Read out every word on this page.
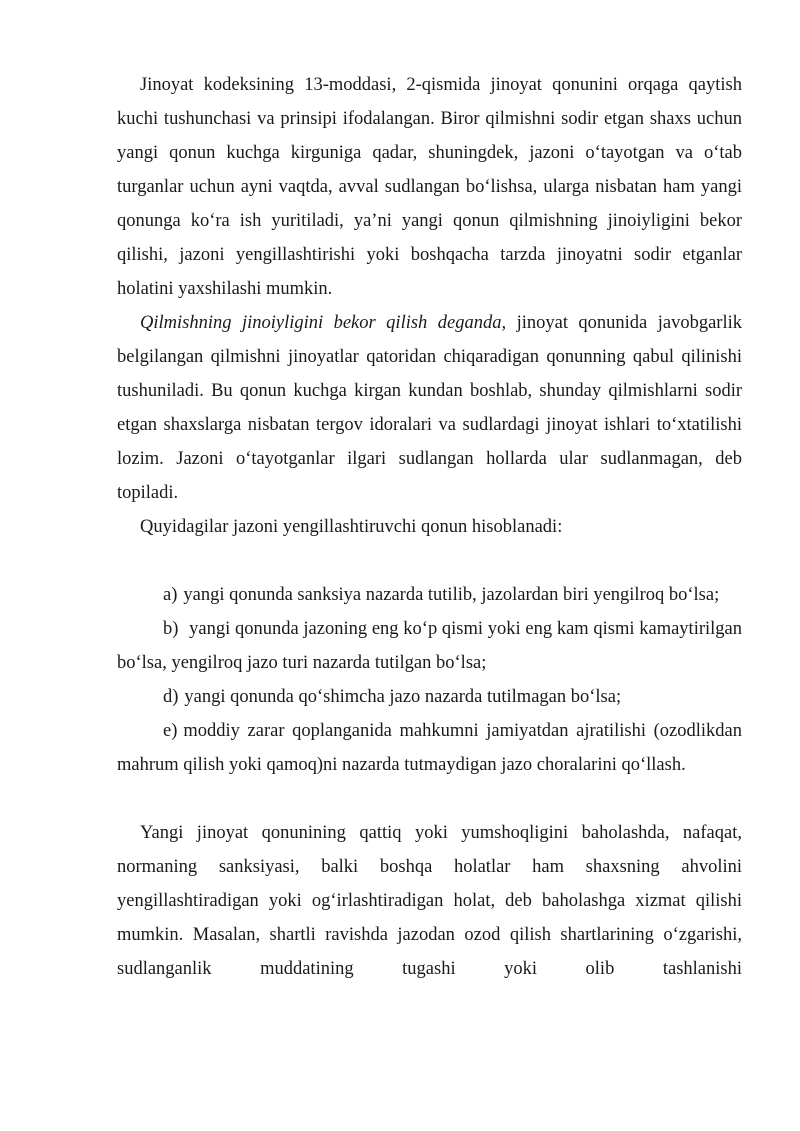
Jinoyat kodeksining 13-moddasi, 2-qismida jinoyat qonunini orqaga qaytish kuchi tushunchasi va prinsipi ifodalangan. Biror qilmishni sodir etgan shaxs uchun yangi qonun kuchga kirguniga qadar, shuningdek, jazoni o‘tayotgan va o‘tab turganlar uchun ayni vaqtda, avval sudlangan bo‘lishsa, ularga nisbatan ham yangi qonunga ko‘ra ish yuritiladi, ya’ni yangi qonun qilmishning jinoiyligini bekor qilishi, jazoni yengillashtirishi yoki boshqacha tarzda jinoyatni sodir etganlar holatini yaxshilashi mumkin.

Qilmishning jinoiyligini bekor qilish deganda, jinoyat qonunida javobgarlik belgilangan qilmishni jinoyatlar qatoridan chiqaradigan qonunning qabul qilinishi tushuniladi. Bu qonun kuchga kirgan kundan boshlab, shunday qilmishlarni sodir etgan shaxslarga nisbatan tergov idoralari va sudlardagi jinoyat ishlari to‘xtatilishi lozim. Jazoni o‘tayotganlar ilgari sudlangan hollarda ular sudlanmagan, deb topiladi.

Quyidagilar jazoni yengillashtiruvchi qonun hisoblanadi:

a) yangi qonunda sanksiya nazarda tutilib, jazolardan biri yengilroq bo‘lsa;

b) yangi qonunda jazoning eng ko‘p qismi yoki eng kam qismi kamaytirilgan bo‘lsa, yengilroq jazo turi nazarda tutilgan bo‘lsa;

d) yangi qonunda qo‘shimcha jazo nazarda tutilmagan bo‘lsa;

e) moddiy zarar qoplanganida mahkumni jamiyatdan ajratilishi (ozodlikdan mahrum qilish yoki qamoq)ni nazarda tutmaydigan jazo choralarini qo‘llash.

Yangi jinoyat qonunining qattiq yoki yumshoqligini baholashda, nafaqat, normaning sanksiyasi, balki boshqa holatlar ham shaxsning ahvolini yengillashtiradigan yoki og‘irlashtiradigan holat, deb baholashga xizmat qilishi mumkin. Masalan, shartli ravishda jazodan ozod qilish shartlarining o‘zgarishi, sudlanganlik muddatining tugashi yoki olib tashlanishi
